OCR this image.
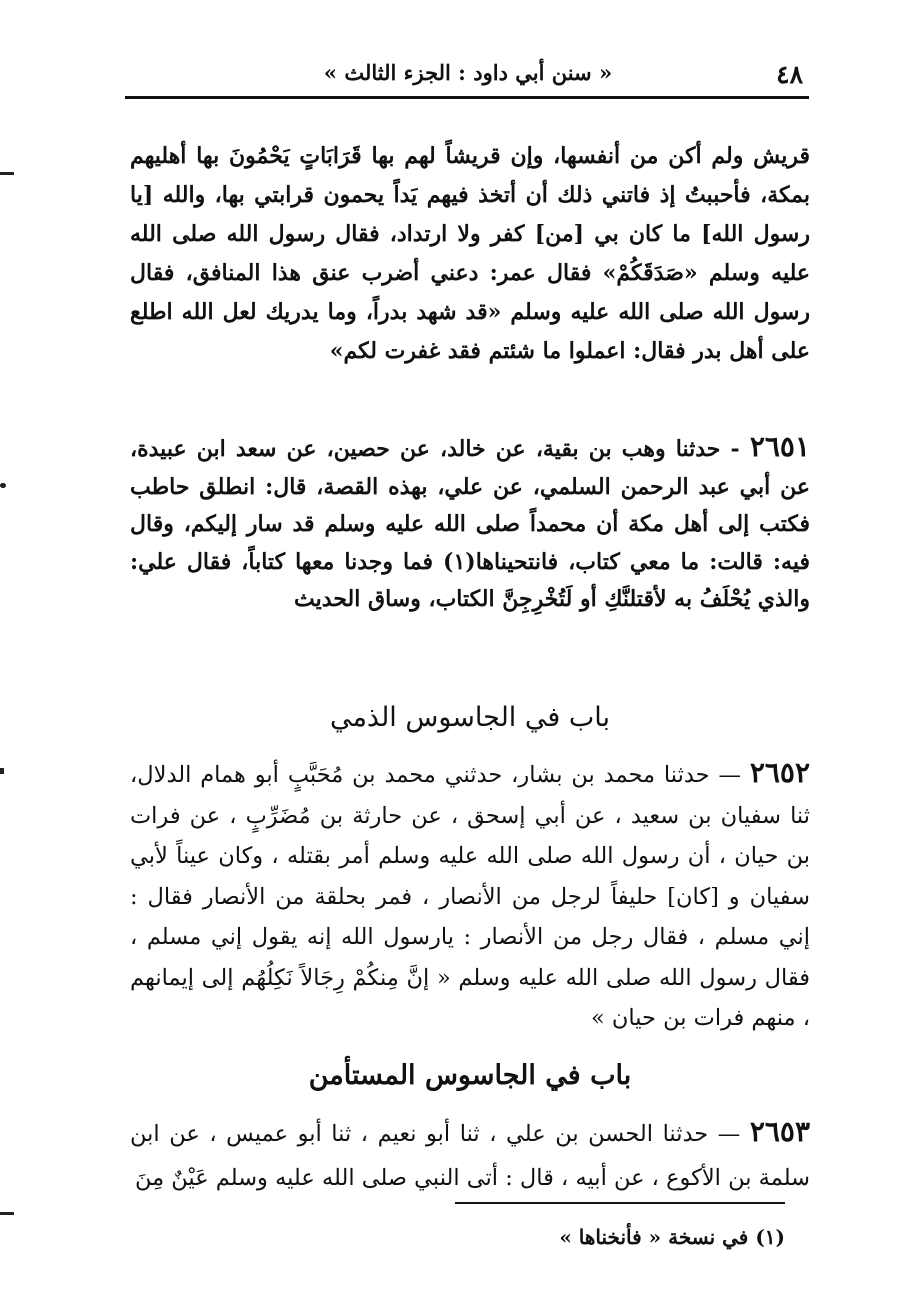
٤٨
« سنن أبي داود : الجزء الثالث »

قريش ولم أكن من أنفسها، وإن قريشاً لهم بها قَرَابَاتٍ يَحْمُونَ بها أهليهم بمكة، فأحببتُ إذ فاتني ذلك أن أتخذ فيهم يَداً يحمون قرابتي بها، والله [يا رسول الله] ما كان بي [من] كفر ولا ارتداد، فقال رسول الله صلى الله عليه وسلم «صَدَقَكُمْ» فقال عمر: دعني أضرب عنق هذا المنافق، فقال رسول الله صلى الله عليه وسلم «قد شهد بدراً، وما يدريك لعل الله اطلع على أهل بدر فقال: اعملوا ما شئتم فقد غفرت لكم»

٢٦٥١ - حدثنا وهب بن بقية، عن خالد، عن حصين، عن سعد ابن عبيدة، عن أبي عبد الرحمن السلمي، عن علي، بهذه القصة، قال: انطلق حاطب فكتب إلى أهل مكة أن محمداً صلى الله عليه وسلم قد سار إليكم، وقال فيه: قالت: ما معي كتاب، فانتحيناها(١) فما وجدنا معها كتاباً، فقال علي: والذي يُحْلَفُ به لأقتلنَّكِ أو لَتُخْرِجِنَّ الكتاب، وساق الحديث

باب في الجاسوس الذمي

٢٦٥٢ — حدثنا محمد بن بشار، حدثني محمد بن مُحَبَّبٍ أبو همام الدلال، ثنا سفيان بن سعيد ، عن أبي إسحق ، عن حارثة بن مُضَرِّبٍ ، عن فرات بن حيان ، أن رسول الله صلى الله عليه وسلم أمر بقتله ، وكان عيناً لأبي سفيان و [كان] حليفاً لرجل من الأنصار ، فمر بحلقة من الأنصار فقال : إني مسلم ، فقال رجل من الأنصار : يارسول الله إنه يقول إني مسلم ، فقال رسول الله صلى الله عليه وسلم « إنَّ مِنكُمْ رِجَالاً نَكِلُهُم إلى إيمانهم ، منهم فرات بن حيان »

باب في الجاسوس المستأمن

٢٦٥٣ — حدثنا الحسن بن علي ، ثنا أبو نعيم ، ثنا أبو عميس ، عن ابن سلمة بن الأكوع ، عن أبيه ، قال : أتى النبي صلى الله عليه وسلم عَيْنٌ مِنَ

(١) في نسخة « فأنخناها »
